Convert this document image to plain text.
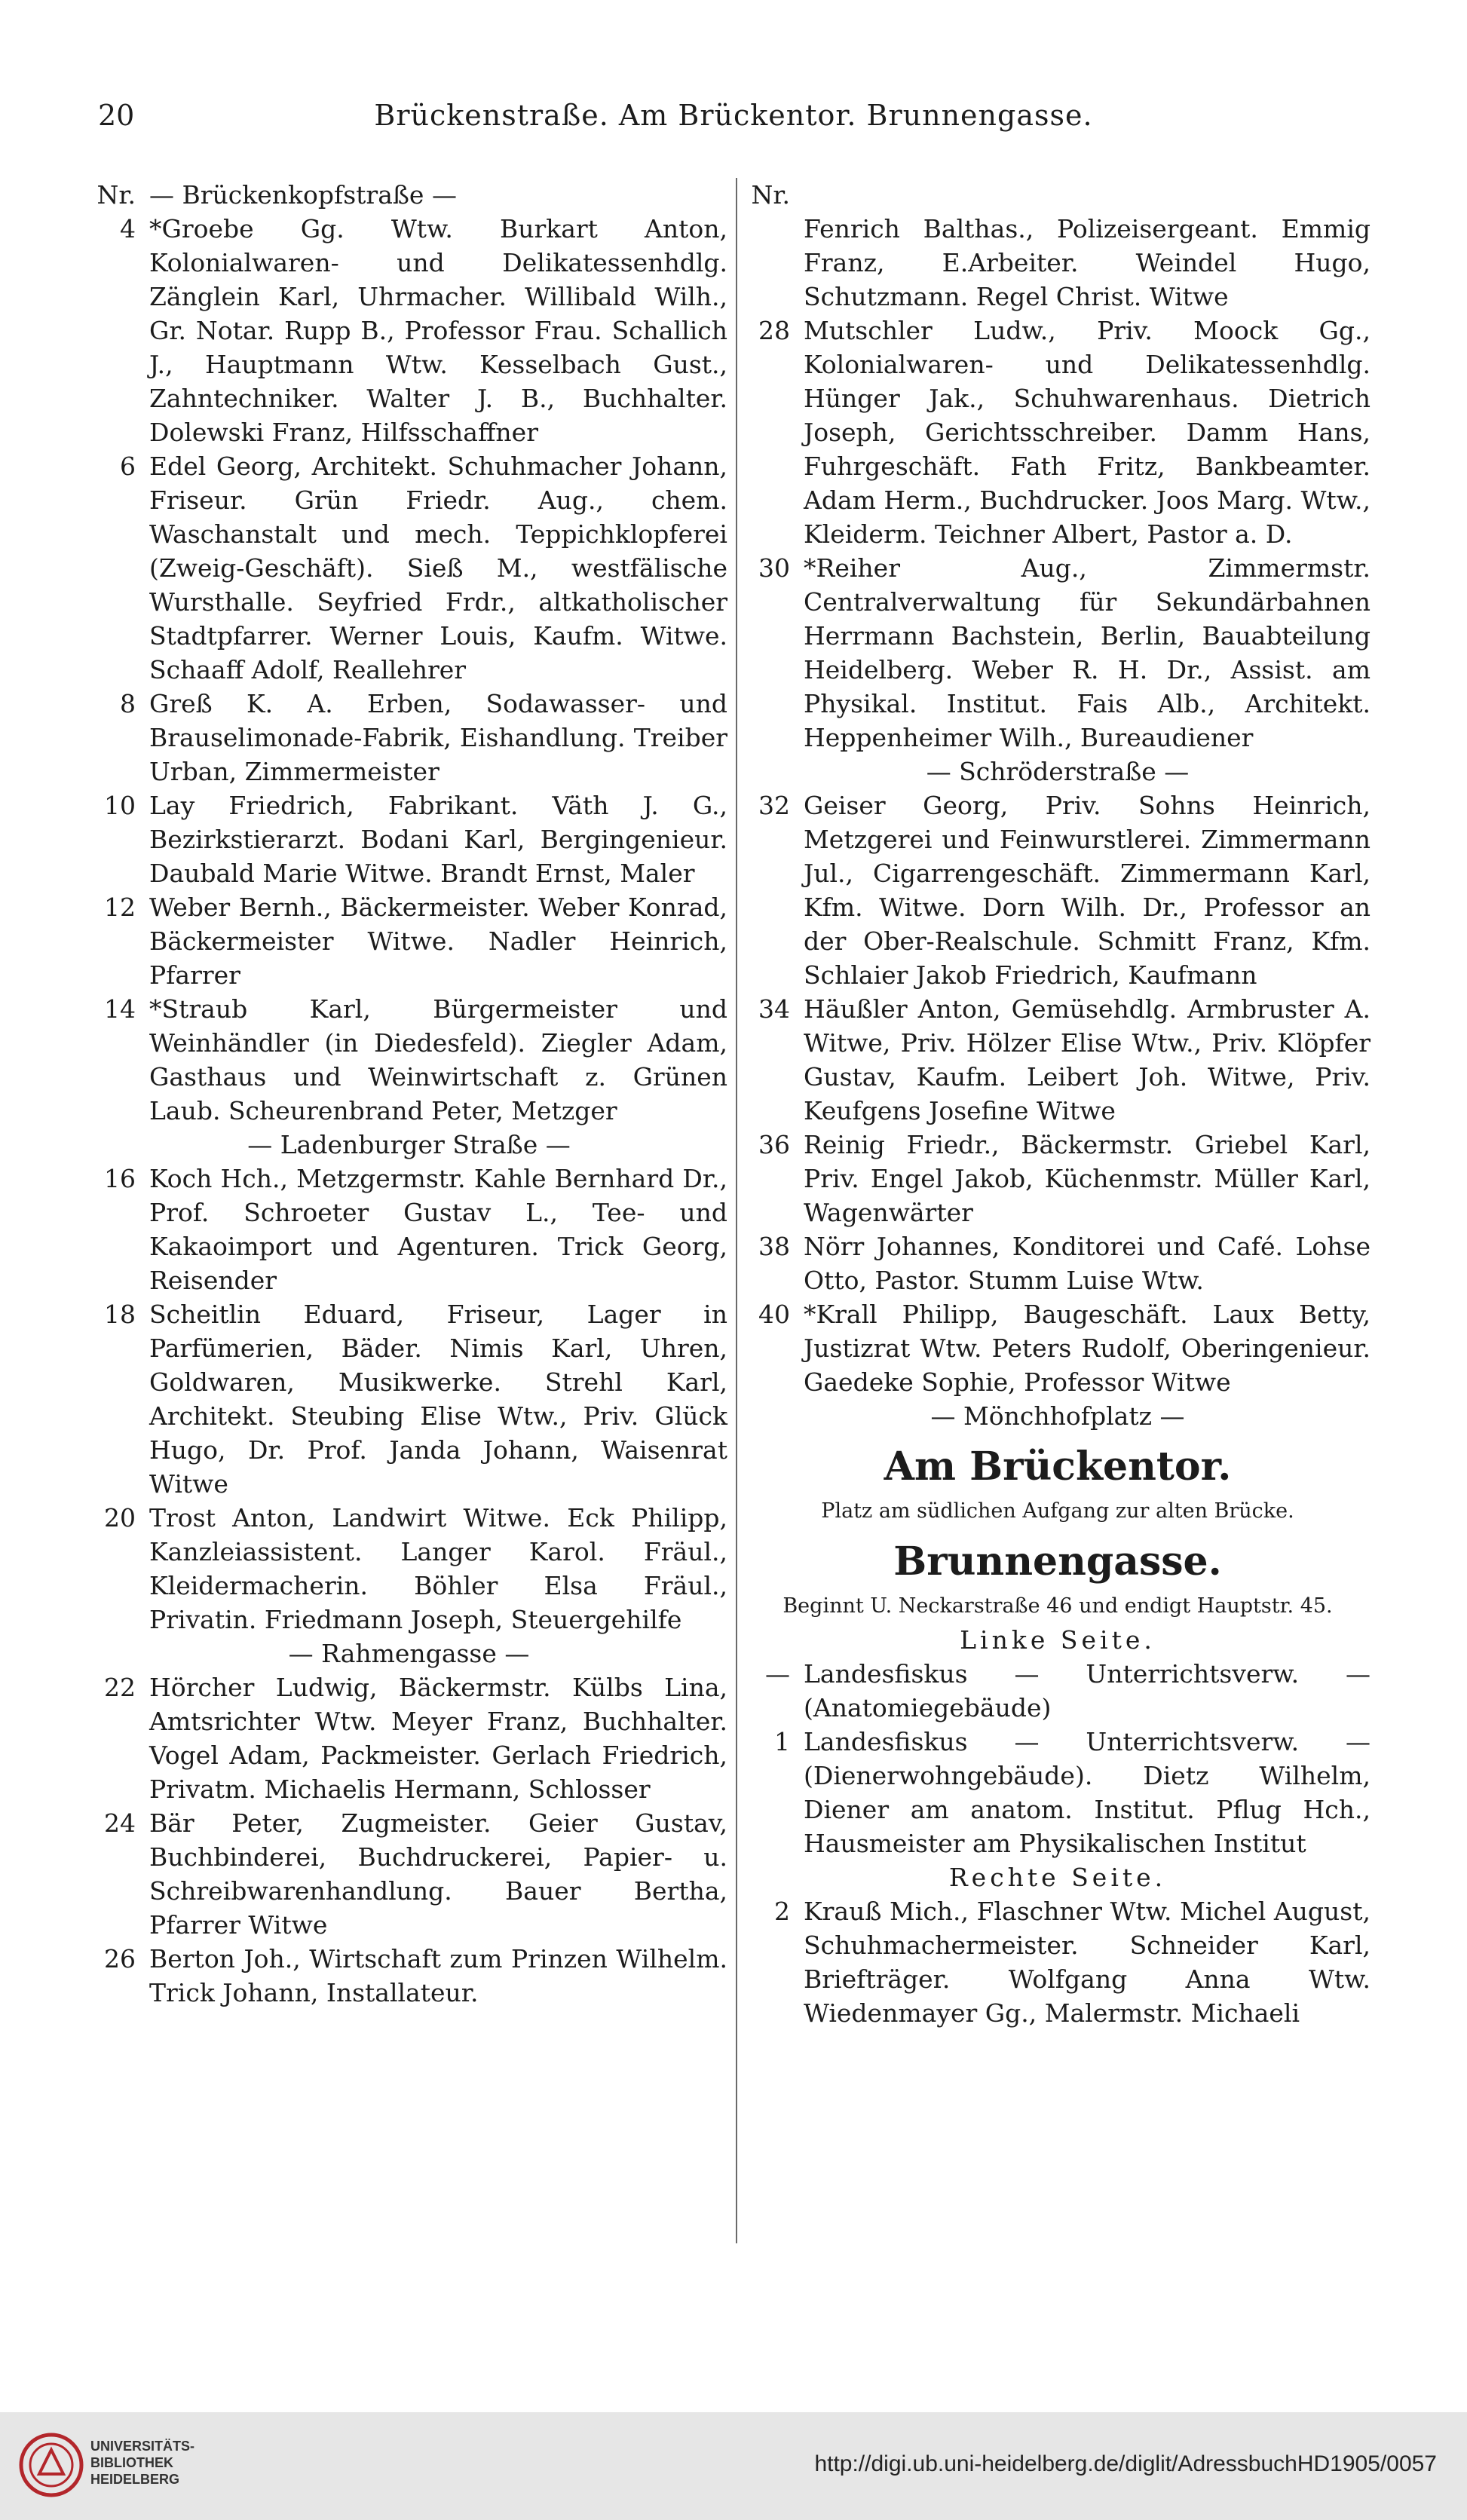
20	Brückenstraße. Am Brückentor. Brunnengasse.
Nr. — Brückenkopfstraße —
4 *Groebe Gg. Wtw. Burkart Anton, Kolonialwaren- und Delikatessenhdlg. Zänglein Karl, Uhrmacher. Willibald Wilh., Gr. Notar. Rupp B., Professor Frau. Schallich J., Hauptmann Wtw. Kesselbach Gust., Zahntechniker. Walter J. B., Buchhalter. Dolewski Franz, Hilfsschaffner
6 Edel Georg, Architekt. Schuhmacher Johann, Friseur. Grün Friedr. Aug., chem. Waschanstalt und mech. Teppichklopferei (Zweig-Geschäft). Sieß M., westfälische Wursthalle. Seyfried Frdr., altkatholischer Stadtpfarrer. Werner Louis, Kaufm. Witwe. Schaaff Adolf, Reallehrer
8 Greß K. A. Erben, Sodawasser- und Brauselimonade-Fabrik, Eishandlung. Treiber Urban, Zimmermeister
10 Lay Friedrich, Fabrikant. Väth J. G., Bezirkstierarzt. Bodani Karl, Bergingenieur. Daubald Marie Witwe. Brandt Ernst, Maler
12 Weber Bernh., Bäckermeister. Weber Konrad, Bäckermeister Witwe. Nadler Heinrich, Pfarrer
14 *Straub Karl, Bürgermeister und Weinhändler (in Diedesfeld). Ziegler Adam, Gasthaus und Weinwirtschaft z. Grünen Laub. Scheurenbrand Peter, Metzger
— Ladenburger Straße —
16 Koch Hch., Metzgermstr. Kahle Bernhard Dr., Prof. Schroeter Gustav L., Tee- und Kakaoimport und Agenturen. Trick Georg, Reisender
18 Scheitlin Eduard, Friseur, Lager in Parfümerien, Bäder. Nimis Karl, Uhren, Goldwaren, Musikwerke. Strehl Karl, Architekt. Steubing Elise Wtw., Priv. Glück Hugo, Dr. Prof. Janda Johann, Waisenrat Witwe
20 Trost Anton, Landwirt Witwe. Eck Philipp, Kanzleiassistent. Langer Karol. Fräul., Kleidermacherin. Böhler Elsa Fräul., Privatin. Friedmann Joseph, Steuergehilfe
— Rahmengasse —
22 Hörcher Ludwig, Bäckermstr. Külbs Lina, Amtsrichter Wtw. Meyer Franz, Buchhalter. Vogel Adam, Packmeister. Gerlach Friedrich, Privatm. Michaelis Hermann, Schlosser
24 Bär Peter, Zugmeister. Geier Gustav, Buchbinderei, Buchdruckerei, Papier- u. Schreibwarenhandlung. Bauer Bertha, Pfarrer Witwe
26 Berton Joh., Wirtschaft zum Prinzen Wilhelm. Trick Johann, Installateur.
Nr.
Fenrich Balthas., Polizeisergeant. Emmig Franz, E.Arbeiter. Weindel Hugo, Schutzmann. Regel Christ. Witwe
28 Mutschler Ludw., Priv. Moock Gg., Kolonialwaren- und Delikatessenhdlg. Hünger Jak., Schuhwarenhaus. Dietrich Joseph, Gerichtsschreiber. Damm Hans, Fuhrgeschäft. Fath Fritz, Bankbeamter. Adam Herm., Buchdrucker. Joos Marg. Wtw., Kleiderm. Teichner Albert, Pastor a. D.
30 *Reiher Aug., Zimmermstr. Centralverwaltung für Sekundärbahnen Herrmann Bachstein, Berlin, Bauabteilung Heidelberg. Weber R. H. Dr., Assist. am Physikal. Institut. Fais Alb., Architekt. Heppenheimer Wilh., Bureaudiener
— Schröderstraße —
32 Geiser Georg, Priv. Sohns Heinrich, Metzgerei und Feinwurstlerei. Zimmermann Jul., Cigarrengeschäft. Zimmermann Karl, Kfm. Witwe. Dorn Wilh. Dr., Professor an der Ober-Realschule. Schmitt Franz, Kfm. Schlaier Jakob Friedrich, Kaufmann
34 Häußler Anton, Gemüsehdlg. Armbruster A. Witwe, Priv. Hölzer Elise Wtw., Priv. Klöpfer Gustav, Kaufm. Leibert Joh. Witwe, Priv. Keufgens Josefine Witwe
36 Reinig Friedr., Bäckermstr. Griebel Karl, Priv. Engel Jakob, Küchenmstr. Müller Karl, Wagenwärter
38 Nörr Johannes, Konditorei und Café. Lohse Otto, Pastor. Stumm Luise Wtw.
40 *Krall Philipp, Baugeschäft. Laux Betty, Justizrat Wtw. Peters Rudolf, Oberingenieur. Gaedeke Sophie, Professor Witwe
— Mönchhofplatz —
Am Brückentor.
Platz am südlichen Aufgang zur alten Brücke.
Brunnengasse.
Beginnt U. Neckarstraße 46 und endigt Hauptstr. 45.
Linke Seite.
— Landesfiskus — Unterrichtsverw. — (Anatomiegebäude)
1 Landesfiskus — Unterrichtsverw. — (Dienerwohngebäude). Dietz Wilhelm, Diener am anatom. Institut. Pflug Hch., Hausmeister am Physikalischen Institut
Rechte Seite.
2 Krauß Mich., Flaschner Wtw. Michel August, Schuhmachermeister. Schneider Karl, Briefträger. Wolfgang Anna Wtw. Wiedenmayer Gg., Malermstr. Michaeli
UNIVERSITÄTS-
BIBLIOTHEK
HEIDELBERG
http://digi.ub.uni-heidelberg.de/diglit/AdressbuchHD1905/0057
